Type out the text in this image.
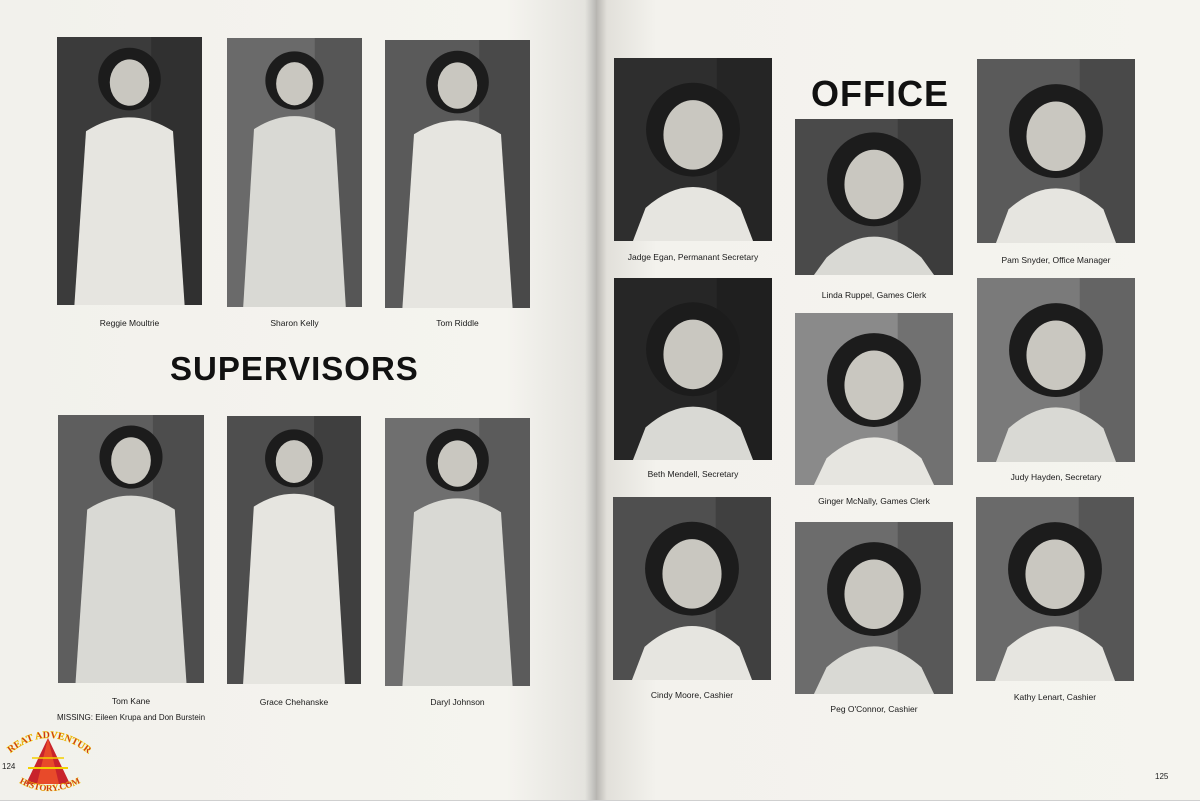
Reggie Moultrie	Sharon Kelly	Tom Riddle
SUPERVISORS
Tom Kane	Grace Chehanske	Daryl Johnson
MISSING: Eileen Krupa and Don Burstein
REAT ADVENTUR
HISTORY.COM
124
Jadge Egan, Permanant Secretary
OFFICE
Linda Ruppel, Games Clerk
Pam Snyder, Office Manager
Beth Mendell, Secretary
Ginger McNally, Games Clerk
Judy Hayden, Secretary
Cindy Moore, Cashier
Peg O'Connor, Cashier
Kathy Lenart, Cashier
125
